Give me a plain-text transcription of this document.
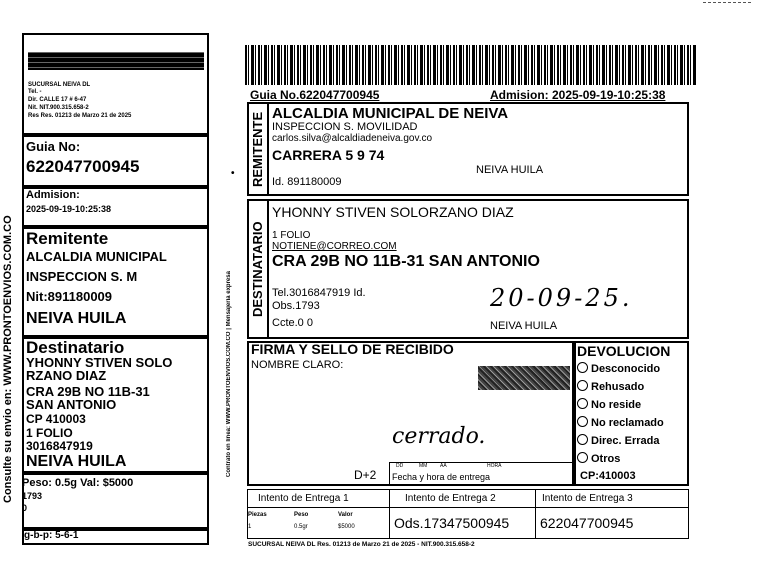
Consulte su envio en: WWW.PRONTOENVIOS.COM.CO
SUCURSAL NEIVA DL
Tel. -
Dir. CALLE 17 # 6-47
Nit. NIT.900.315.658-2
Res Res. 01213 de Marzo 21 de 2025
Guia No:
622047700945
Admision:
2025-09-19-10:25:38
Remitente
ALCALDIA MUNICIPAL
INSPECCION S. M
Nit:891180009
NEIVA HUILA
Destinatario
YHONNY STIVEN SOLO
RZANO DIAZ
CRA 29B NO 11B-31
SAN ANTONIO
CP 410003
1 FOLIO
3016847919
NEIVA HUILA
Peso: 0.5g Val: $5000
1793
0
g-b-p: 5-6-1
Guia No.622047700945	Admision: 2025-09-19-10:25:38
Contrato en linea: WWW.PRONTOENVIOS.COM.CO | Mensajeria expresa
• REMITENTE ALCALDIA MUNICIPAL DE NEIVA
INSPECCION S. MOVILIDAD
carlos.silva@alcaldiadeneiva.gov.co
CARRERA 5 9 74
NEIVA HUILA
Id. 891180009
DESTINATARIO
YHONNY STIVEN SOLORZANO DIAZ
1 FOLIO
NOTIENE@CORREO.COM
CRA 29B NO 11B-31 SAN ANTONIO
Tel.3016847919 Id.
Obs.1793
Ccte.0 0	NEIVA HUILA
20-09-25.
FIRMA Y SELLO DE RECIBIDO
NOMBRE CLARO:
cerrado.
D+2
DD	MM	AA	HORA
Fecha y hora de entrega
DEVOLUCION
Desconocido
Rehusado
No reside
No reclamado
Direc. Errada
Otros
CP:410003
Intento de Entrega 1	Intento de Entrega 2	Intento de Entrega 3
Piezas	Peso	Valor
1	0.5gr	$5000	Ods.17347500945 622047700945
SUCURSAL NEIVA DL Res. 01213 de Marzo 21 de 2025 - NIT.900.315.658-2
